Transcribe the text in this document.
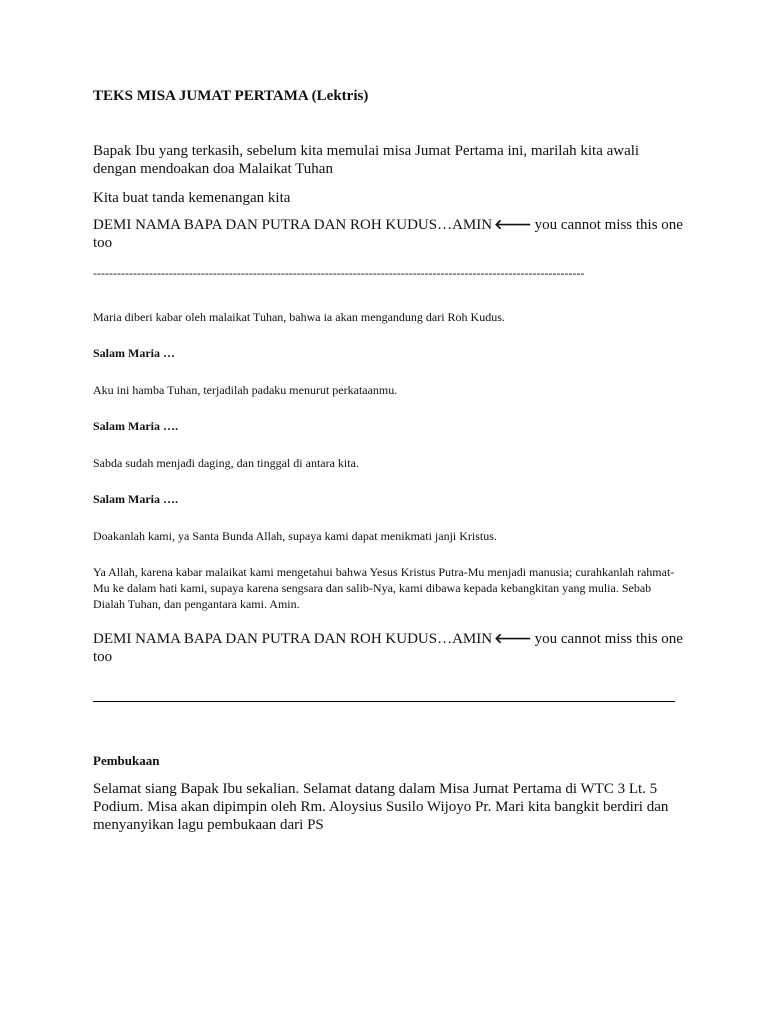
TEKS MISA JUMAT PERTAMA (Lektris)

Bapak Ibu yang terkasih, sebelum kita memulai misa Jumat Pertama ini, marilah kita awali dengan mendoakan doa Malaikat Tuhan

Kita buat tanda kemenangan kita

DEMI NAMA BAPA DAN PUTRA DAN ROH KUDUS…AMIN 🡐 you cannot miss this one too

---------------------------------------------------------------------------------------------------------------------------

Maria diberi kabar oleh malaikat Tuhan, bahwa ia akan mengandung dari Roh Kudus.

Salam Maria …

Aku ini hamba Tuhan, terjadilah padaku menurut perkataanmu.

Salam Maria ….

Sabda sudah menjadi daging, dan tinggal di antara kita.

Salam Maria ….

Doakanlah kami, ya Santa Bunda Allah, supaya kami dapat menikmati janji Kristus.

Ya Allah, karena kabar malaikat kami mengetahui bahwa Yesus Kristus Putra-Mu menjadi manusia; curahkanlah rahmat-Mu ke dalam hati kami, supaya karena sengsara dan salib-Nya, kami dibawa kepada kebangkitan yang mulia. Sebab Dialah Tuhan, dan pengantara kami. Amin.

DEMI NAMA BAPA DAN PUTRA DAN ROH KUDUS…AMIN 🡐 you cannot miss this one too

Pembukaan

Selamat siang Bapak Ibu sekalian. Selamat datang dalam Misa Jumat Pertama di WTC 3 Lt. 5 Podium. Misa akan dipimpin oleh Rm. Aloysius Susilo Wijoyo Pr. Mari kita bangkit berdiri dan menyanyikan lagu pembukaan dari PS
